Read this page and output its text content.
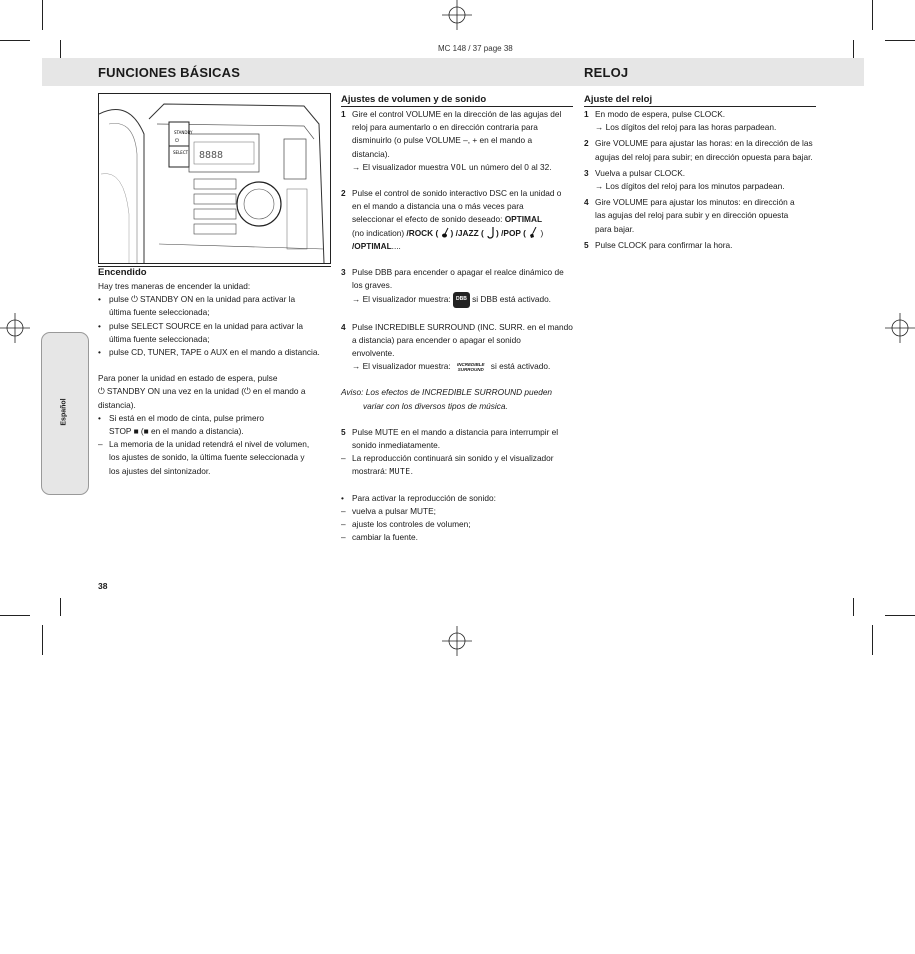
MC 148 / 37 page 38
FUNCIONES BÁSICAS	RELOJ
Español
STANDBY
⏻
SELECT 8888
Encendido

Hay tres maneras de encender la unidad:

• pulse ⏻ STANDBY ON en la unidad para activar la
última fuente seleccionada;
• pulse SELECT SOURCE en la unidad para activar la
última fuente seleccionada;
• pulse CD, TUNER, TAPE o AUX en el mando a distancia.

Para poner la unidad en estado de espera, pulse

⏻ STANDBY ON una vez en la unidad (⏻ en el mando a

distancia).

• Si está en el modo de cinta, pulse primero
STOP ■ (■ en el mando a distancia).
– La memoria de la unidad retendrá el nivel de volumen,
los ajustes de sonido, la última fuente seleccionada y
los ajustes del sintonizador.
38
Ajustes de volumen y de sonido
1 Gire el control VOLUME en la dirección de las agujas del
reloj para aumentarlo o en dirección contraria para
disminuirlo (o pulse VOLUME –, + en el mando a
distancia).
→ El visualizador muestra VOL un número del 0 al 32.
2 Pulse el control de sonido interactivo DSC en la unidad o
en el mando a distancia una o más veces para
seleccionar el efecto de sonido deseado: OPTIMAL
(no indication) /ROCK ( ) /JAZZ ( ) /POP (  )
/OPTIMAL....
3 Pulse DBB para encender o apagar el realce dinámico de
los graves.
→ El visualizador muestra: DBB si DBB está activado.
4 Pulse INCREDIBLE SURROUND (INC. SURR. en el mando
a distancia) para encender o apagar el sonido
envolvente.
→ El visualizador muestra: INCREDIBLE
SURROUND si está activado.

Aviso: Los efectos de INCREDIBLE SURROUND pueden

variar con los diversos tipos de música.

5 Pulse MUTE en el mando a distancia para interrumpir el
sonido inmediatamente.
– La reproducción continuará sin sonido y el visualizador
mostrará: MUTE.
• Para activar la reproducción de sonido:
– vuelva a pulsar MUTE;
– ajuste los controles de volumen;
– cambiar la fuente.
Ajuste del reloj
1 En modo de espera, pulse CLOCK.
→ Los dígitos del reloj para las horas parpadean.
2 Gire VOLUME para ajustar las horas: en la dirección de las
agujas del reloj para subir; en dirección opuesta para bajar.
3 Vuelva a pulsar CLOCK.
→ Los dígitos del reloj para los minutos parpadean.
4 Gire VOLUME para ajustar los minutos: en dirección a
las agujas del reloj para subir y en dirección opuesta
para bajar.
5 Pulse CLOCK para confirmar la hora.
